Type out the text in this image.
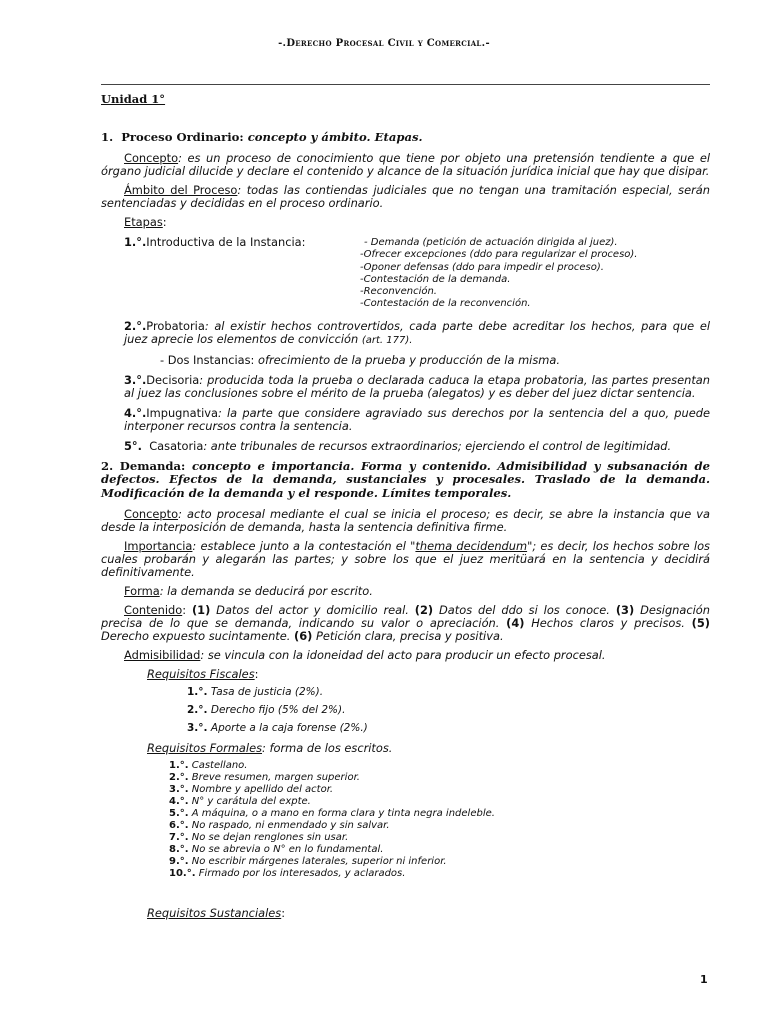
-.Derecho Procesal Civil y Comercial.-
Unidad 1°
1. Proceso Ordinario: concepto y ámbito. Etapas.

Concepto: es un proceso de conocimiento que tiene por objeto una pretensión tendiente a que el órgano judicial dilucide y declare el contenido y alcance de la situación jurídica inicial que hay que disipar.

Ámbito del Proceso: todas las contiendas judiciales que no tengan una tramitación especial, serán sentenciadas y decididas en el proceso ordinario.

Etapas:

1.°.Introductiva de la Instancia:	- Demanda (petición de actuación dirigida al juez).
-Ofrecer excepciones (ddo para regularizar el proceso).
-Oponer defensas (ddo para impedir el proceso).
-Contestación de la demanda.
-Reconvención.
-Contestación de la reconvención.

2.°.Probatoria: al existir hechos controvertidos, cada parte debe acreditar los hechos, para que el juez aprecie los elementos de convicción (art. 177).

- Dos Instancias: ofrecimiento de la prueba y producción de la misma.

3.°.Decisoria: producida toda la prueba o declarada caduca la etapa probatoria, las partes presentan al juez las conclusiones sobre el mérito de la prueba (alegatos) y es deber del juez dictar sentencia.

4.°.Impugnativa: la parte que considere agraviado sus derechos por la sentencia del a quo, puede interponer recursos contra la sentencia.

5°. Casatoria: ante tribunales de recursos extraordinarios; ejerciendo el control de legitimidad.

2. Demanda: concepto e importancia. Forma y contenido. Admisibilidad y subsanación de defectos. Efectos de la demanda, sustanciales y procesales. Traslado de la demanda. Modificación de la demanda y el responde. Límites temporales.

Concepto: acto procesal mediante el cual se inicia el proceso; es decir, se abre la instancia que va desde la interposición de demanda, hasta la sentencia definitiva firme.

Importancia: establece junto a la contestación el "thema decidendum"; es decir, los hechos sobre los cuales probarán y alegarán las partes; y sobre los que el juez meritüará en la sentencia y decidirá definitivamente.

Forma: la demanda se deducirá por escrito.

Contenido: (1) Datos del actor y domicilio real. (2) Datos del ddo si los conoce. (3) Designación precisa de lo que se demanda, indicando su valor o apreciación. (4) Hechos claros y precisos. (5) Derecho expuesto sucintamente. (6) Petición clara, precisa y positiva.

Admisibilidad: se vincula con la idoneidad del acto para producir un efecto procesal.

Requisitos Fiscales:

1.°. Tasa de justicia (2%).
2.°. Derecho fijo (5% del 2%).
3.°. Aporte a la caja forense (2%.)

Requisitos Formales: forma de los escritos.

1.°. Castellano.
2.°. Breve resumen, margen superior.
3.°. Nombre y apellido del actor.
4.°. N° y carátula del expte.
5.°. A máquina, o a mano en forma clara y tinta negra indeleble.
6.°. No raspado, ni enmendado y sin salvar.
7.°. No se dejan renglones sin usar.
8.°. No se abrevia o N° en lo fundamental.
9.°. No escribir márgenes laterales, superior ni inferior.
10.°. Firmado por los interesados, y aclarados.

Requisitos Sustanciales:

1
